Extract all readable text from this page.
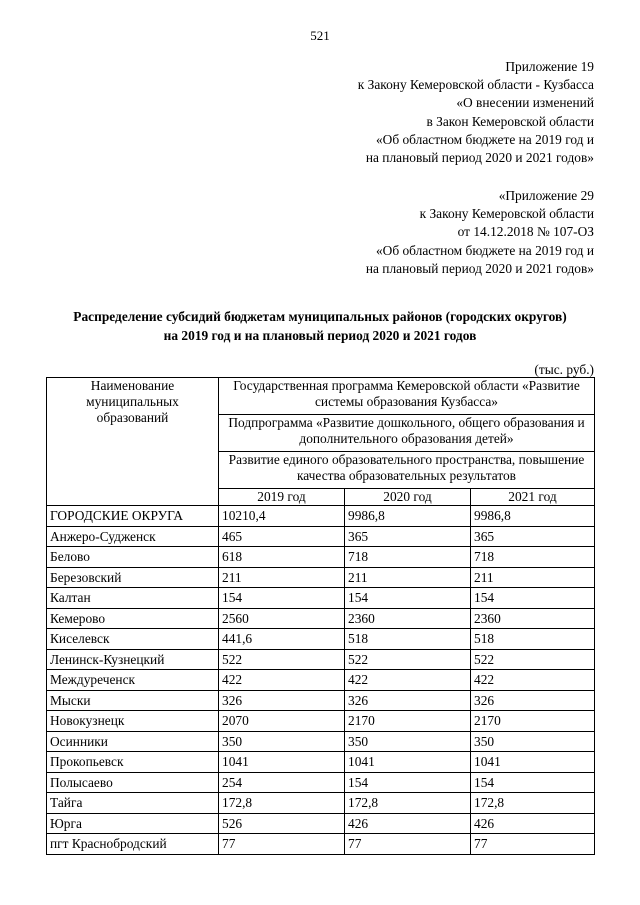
521
Приложение 19
к Закону Кемеровской области - Кузбасса
«О внесении изменений
в Закон Кемеровской области
«Об областном бюджете на 2019 год и
на плановый период 2020 и 2021 годов»
«Приложение 29
к Закону Кемеровской области
от 14.12.2018 № 107-ОЗ
«Об областном бюджете на 2019 год и
на плановый период 2020 и 2021 годов»
Распределение субсидий бюджетам муниципальных районов (городских округов)
на 2019 год и на плановый период 2020 и 2021 годов
(тыс. руб.)
Наименование муниципальных образований	Государственная программа Кемеровской области «Развитие системы образования Кузбасса»		
	Подпрограмма «Развитие дошкольного, общего образования и дополнительного образования детей»		
	Развитие единого образовательного пространства, повышение качества образовательных результатов		
	2019 год	2020 год	2021 год
ГОРОДСКИЕ ОКРУГА	10210,4	9986,8	9986,8
Анжеро-Судженск	465	365	365
Белово	618	718	718
Березовский	211	211	211
Калтан	154	154	154
Кемерово	2560	2360	2360
Киселевск	441,6	518	518
Ленинск-Кузнецкий	522	522	522
Междуреченск	422	422	422
Мыски	326	326	326
Новокузнецк	2070	2170	2170
Осинники	350	350	350
Прокопьевск	1041	1041	1041
Полысаево	254	154	154
Тайга	172,8	172,8	172,8
Юрга	526	426	426
пгт Краснобродский	77	77	77
